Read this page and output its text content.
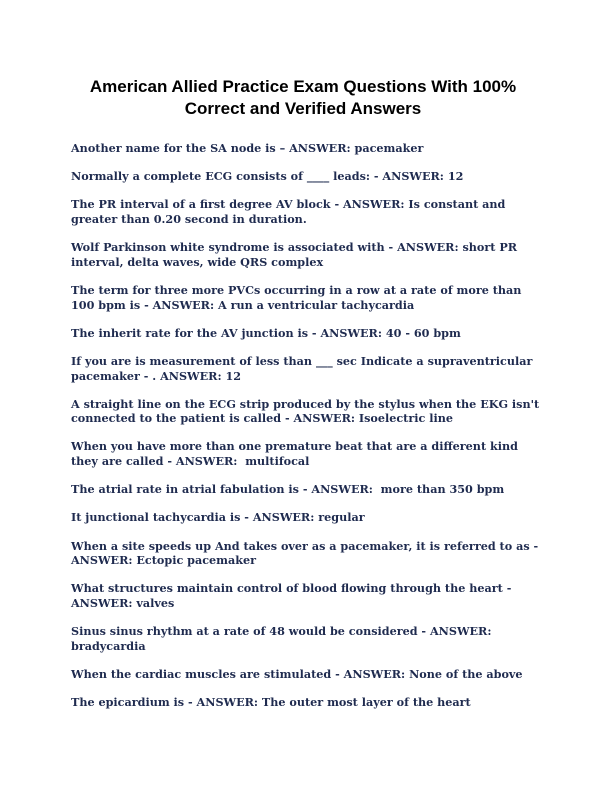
American Allied Practice Exam Questions With 100%
Correct and Verified Answers
Another name for the SA node is – ANSWER: pacemaker
Normally a complete ECG consists of ____ leads: - ANSWER: 12
The PR interval of a first degree AV block - ANSWER: Is constant and greater than 0.20 second in duration.
Wolf Parkinson white syndrome is associated with - ANSWER: short PR interval, delta waves, wide QRS complex
The term for three more PVCs occurring in a row at a rate of more than 100 bpm is - ANSWER: A run a ventricular tachycardia
The inherit rate for the AV junction is - ANSWER: 40 - 60 bpm
If you are is measurement of less than ___ sec Indicate a supraventricular pacemaker - . ANSWER: 12
A straight line on the ECG strip produced by the stylus when the EKG isn't connected to the patient is called - ANSWER: Isoelectric line
When you have more than one premature beat that are a different kind they are called - ANSWER:  multifocal
The atrial rate in atrial fabulation is - ANSWER:  more than 350 bpm
It junctional tachycardia is - ANSWER: regular
When a site speeds up And takes over as a pacemaker, it is referred to as - ANSWER: Ectopic pacemaker
What structures maintain control of blood flowing through the heart - ANSWER: valves
Sinus sinus rhythm at a rate of 48 would be considered - ANSWER: bradycardia
When the cardiac muscles are stimulated - ANSWER: None of the above
The epicardium is - ANSWER: The outer most layer of the heart
